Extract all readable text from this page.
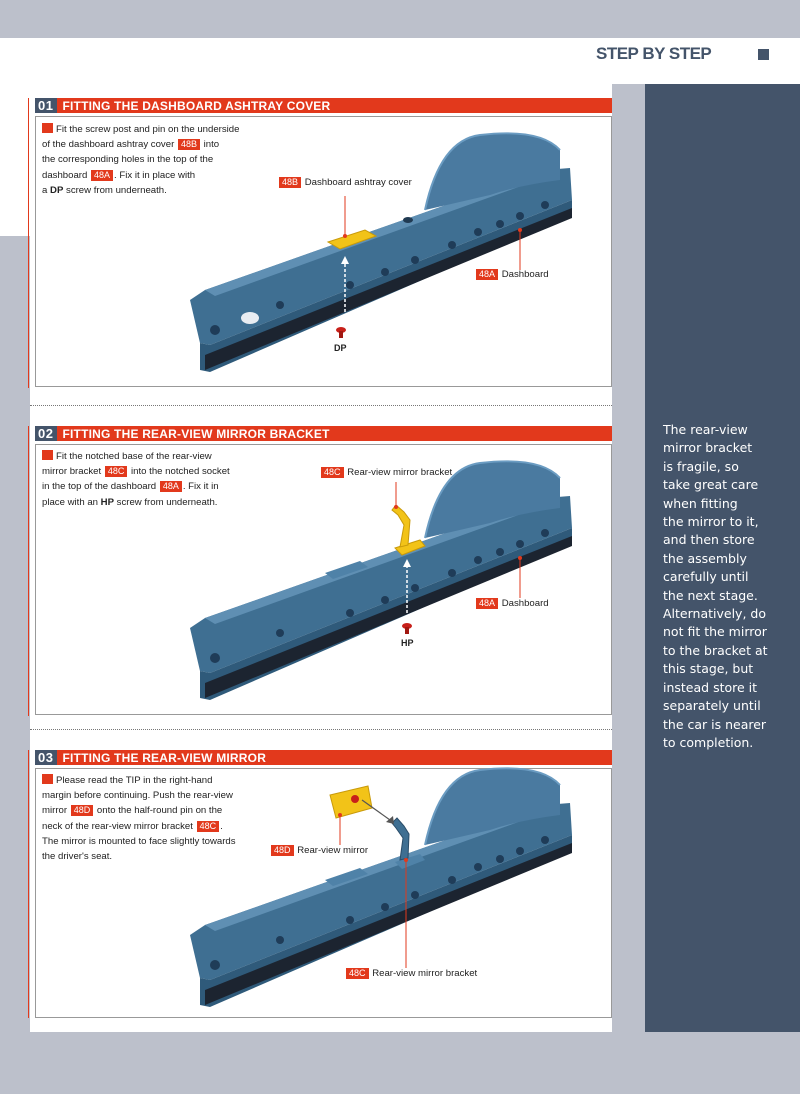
STEP BY STEP
The rear-view
mirror bracket
is fragile, so
take great care
when fitting
the mirror to it,
and then store
the assembly
carefully until
the next stage.
Alternatively, do
not fit the mirror
to the bracket at
this stage, but
instead store it
separately until
the car is nearer
to completion.
01 FITTING THE DASHBOARD ASHTRAY COVER
Fit the screw post and pin on the underside
of the dashboard ashtray cover 48B into
the corresponding holes in the top of the
dashboard 48A . Fix it in place with
a DP screw from underneath.
48B Dashboard ashtray cover
48A Dashboard
DP
02 FITTING THE REAR-VIEW MIRROR BRACKET
Fit the notched base of the rear-view
mirror bracket 48C into the notched socket
in the top of the dashboard 48A . Fix it in
place with an HP screw from underneath.
48C Rear-view mirror bracket
48A Dashboard
HP
03 FITTING THE REAR-VIEW MIRROR
Please read the TIP in the right-hand
margin before continuing. Push the rear-view
mirror 48D onto the half-round pin on the
neck of the rear-view mirror bracket 48C .
The mirror is mounted to face slightly towards
the driver's seat.
48D Rear-view mirror
48C Rear-view mirror bracket
